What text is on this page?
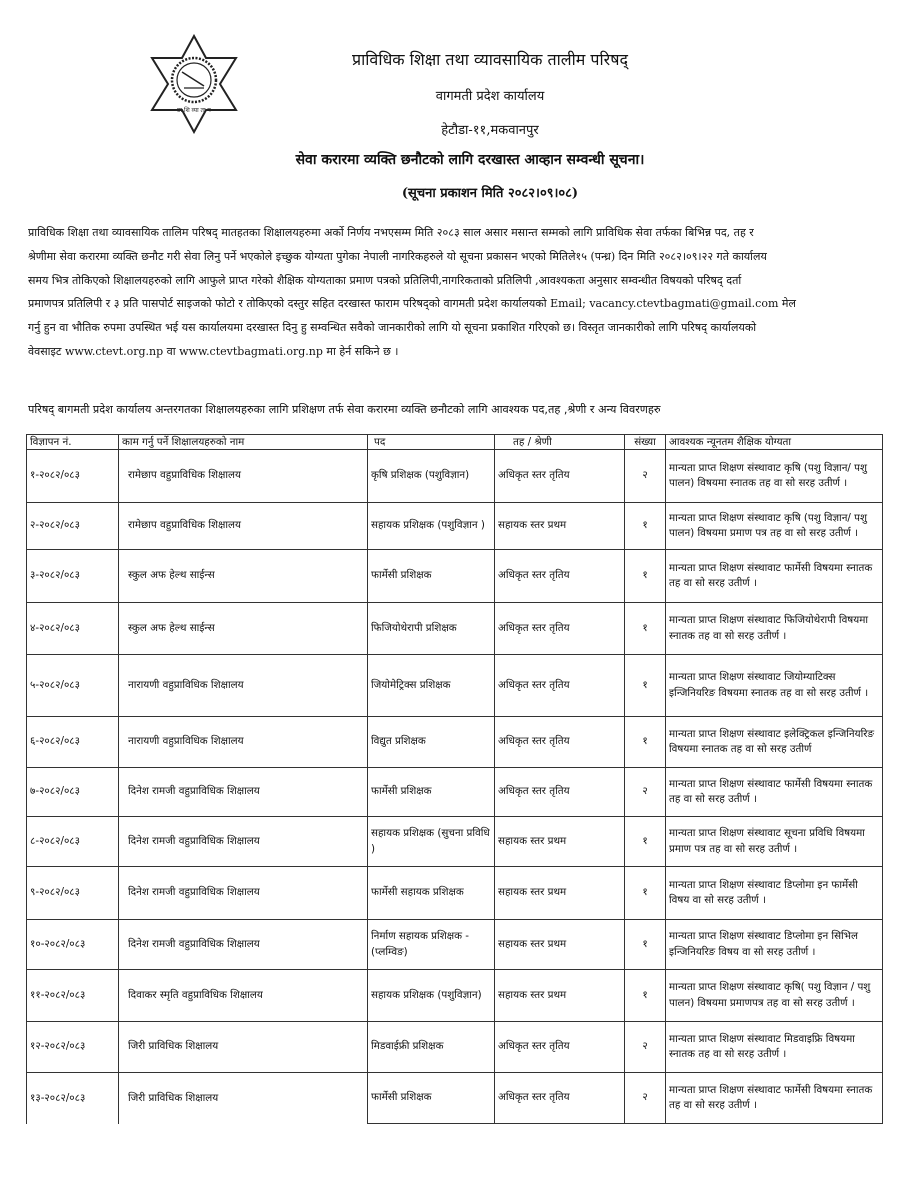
प्रा शि व्या ता प
प्राविधिक शिक्षा तथा व्यावसायिक तालीम परिषद्
वागमती प्रदेश कार्यालय
हेटौडा-११,मकवानपुर
सेवा करारमा व्यक्ति छनौटको लागि दरखास्त आव्हान सम्वन्धी सूचना।
(सूचना प्रकाशन मिति २०८२।०९।०८)
प्राविधिक शिक्षा तथा व्यावसायिक तालिम परिषद् मातहतका शिक्षालयहरुमा अर्को निर्णय नभएसम्म मिति २०८३ साल असार मसान्त सम्मको लागि प्राविधिक सेवा तर्फका बिभिन्न पद, तह र
श्रेणीमा सेवा करारमा व्यक्ति छनौट गरी सेवा लिनु पर्ने भएकोले इच्छुक योग्यता पुगेका नेपाली नागरिकहरुले यो सूचना प्रकासन भएको मितिले१५ (पन्ध्र) दिन मिति २०८२।०९।२२ गते कार्यालय
समय भित्र तोकिएको शिक्षालयहरुको लागि आफुले प्राप्त गरेको शैक्षिक योग्यताका प्रमाण पत्रको प्रतिलिपी,नागरिकताको प्रतिलिपी ,आवश्यकता अनुसार सम्वन्धीत विषयको परिषद् दर्ता
प्रमाणपत्र प्रतिलिपी र ३ प्रति पासपोर्ट साइजको फोटो र तोकिएको दस्तुर सहित दरखास्त फाराम परिषद्को वागमती प्रदेश कार्यालयको Email; vacancy.ctevtbagmati@gmail.com मेल
गर्नु हुन वा भौतिक रुपमा उपस्थित भई यस कार्यालयमा दरखास्त दिनु हु सम्वन्धित सवैको जानकारीको लागि यो सूचना प्रकाशित गरिएको छ। विस्तृत जानकारीको लागि परिषद् कार्यालयको
वेवसाइट www.ctevt.org.np वा www.ctevtbagmati.org.np मा हेर्न सकिने छ ।
परिषद् बागमती प्रदेश कार्यालय अन्तरगतका शिक्षालयहरुका लागि प्रशिक्षण तर्फ सेवा करारमा व्यक्ति छनौटको लागि आवश्यक पद,तह ,श्रेणी र अन्य विवरणहरु
विज्ञापन नं.	काम गर्नु पर्ने शिक्षालयहरुको नाम	पद	तह / श्रेणी	संख्या	आवश्यक न्यूनतम शैक्षिक योग्यता
१-२०८२/०८३	रामेछाप वहुप्राविधिक शिक्षालय	कृषि प्रशिक्षक (पशुविज्ञान)	अधिकृत स्तर तृतिय	२	मान्यता प्राप्त शिक्षण संस्थावाट कृषि (पशु विज्ञान/ पशु पालन) विषयमा स्नातक तह वा सो सरह उतीर्ण ।
२-२०८२/०८३	रामेछाप वहुप्राविधिक शिक्षालय	सहायक प्रशिक्षक (पशुविज्ञान )	सहायक स्तर प्रथम	१	मान्यता प्राप्त शिक्षण संस्थावाट कृषि (पशु विज्ञान/ पशु पालन) विषयमा प्रमाण पत्र तह वा सो सरह उतीर्ण ।
३-२०८२/०८३	स्कुल अफ हेल्थ साईन्स	फार्मेसी प्रशिक्षक	अधिकृत स्तर तृतिय	१	मान्यता प्राप्त शिक्षण संस्थावाट फार्मेसी विषयमा स्नातक तह वा सो सरह उतीर्ण ।
४-२०८२/०८३	स्कुल अफ हेल्थ साईन्स	फिजियोथेरापी प्रशिक्षक	अधिकृत स्तर तृतिय	१	मान्यता प्राप्त शिक्षण संस्थावाट फिजियोथेरापी विषयमा स्नातक तह वा सो सरह उतीर्ण ।
५-२०८२/०८३	नारायणी वहुप्राविधिक शिक्षालय	जियोमेट्रिक्स प्रशिक्षक	अधिकृत स्तर तृतिय	१	मान्यता प्राप्त शिक्षण संस्थावाट जियोम्याटिक्स इन्जिनियरिङ विषयमा स्नातक तह वा सो सरह उतीर्ण ।
६-२०८२/०८३	नारायणी वहुप्राविधिक शिक्षालय	विद्युत प्रशिक्षक	अधिकृत स्तर तृतिय	१	मान्यता प्राप्त शिक्षण संस्थावाट इलेक्ट्रिकल इन्जिनियरिङ विषयमा स्नातक तह वा सो सरह उतीर्ण
७-२०८२/०८३	दिनेश रामजी वहुप्राविधिक शिक्षालय	फार्मेसी प्रशिक्षक	अधिकृत स्तर तृतिय	२	मान्यता प्राप्त शिक्षण संस्थावाट फार्मेसी विषयमा स्नातक तह वा सो सरह उतीर्ण ।
८-२०८२/०८३	दिनेश रामजी वहुप्राविधिक शिक्षालय	सहायक प्रशिक्षक (सुचना प्रविधि )	सहायक स्तर प्रथम	१	मान्यता प्राप्त शिक्षण संस्थावाट सूचना प्रविधि विषयमा प्रमाण पत्र तह वा सो सरह उतीर्ण ।
९-२०८२/०८३	दिनेश रामजी वहुप्राविधिक शिक्षालय	फार्मेसी सहायक प्रशिक्षक	सहायक स्तर प्रथम	१	मान्यता प्राप्त शिक्षण संस्थावाट डिप्लोमा इन फार्मेसी विषय वा सो सरह उतीर्ण ।
१०-२०८२/०८३	दिनेश रामजी वहुप्राविधिक शिक्षालय	निर्माण सहायक प्रशिक्षक -(प्लम्विङ)	सहायक स्तर प्रथम	१	मान्यता प्राप्त शिक्षण संस्थावाट डिप्लोमा इन सिभिल इन्जिनियरिङ विषय वा सो सरह उतीर्ण ।
११-२०८२/०८३	दिवाकर स्मृति वहुप्राविधिक शिक्षालय	सहायक प्रशिक्षक (पशुविज्ञान)	सहायक स्तर प्रथम	१	मान्यता प्राप्त शिक्षण संस्थावाट कृषि( पशु विज्ञान / पशु पालन) विषयमा प्रमाणपत्र तह वा सो सरह उतीर्ण ।
१२-२०८२/०८३	जिरी प्राविधिक शिक्षालय	मिडवाईफ्री प्रशिक्षक	अधिकृत स्तर तृतिय	२	मान्यता प्राप्त शिक्षण संस्थावाट मिडवाइफ्रि विषयमा स्नातक तह वा सो सरह उतीर्ण ।
१३-२०८२/०८३	जिरी प्राविधिक शिक्षालय	फार्मेसी प्रशिक्षक	अधिकृत स्तर तृतिय	२	मान्यता प्राप्त शिक्षण संस्थावाट फार्मेसी विषयमा स्नातक तह वा सो सरह उतीर्ण ।
